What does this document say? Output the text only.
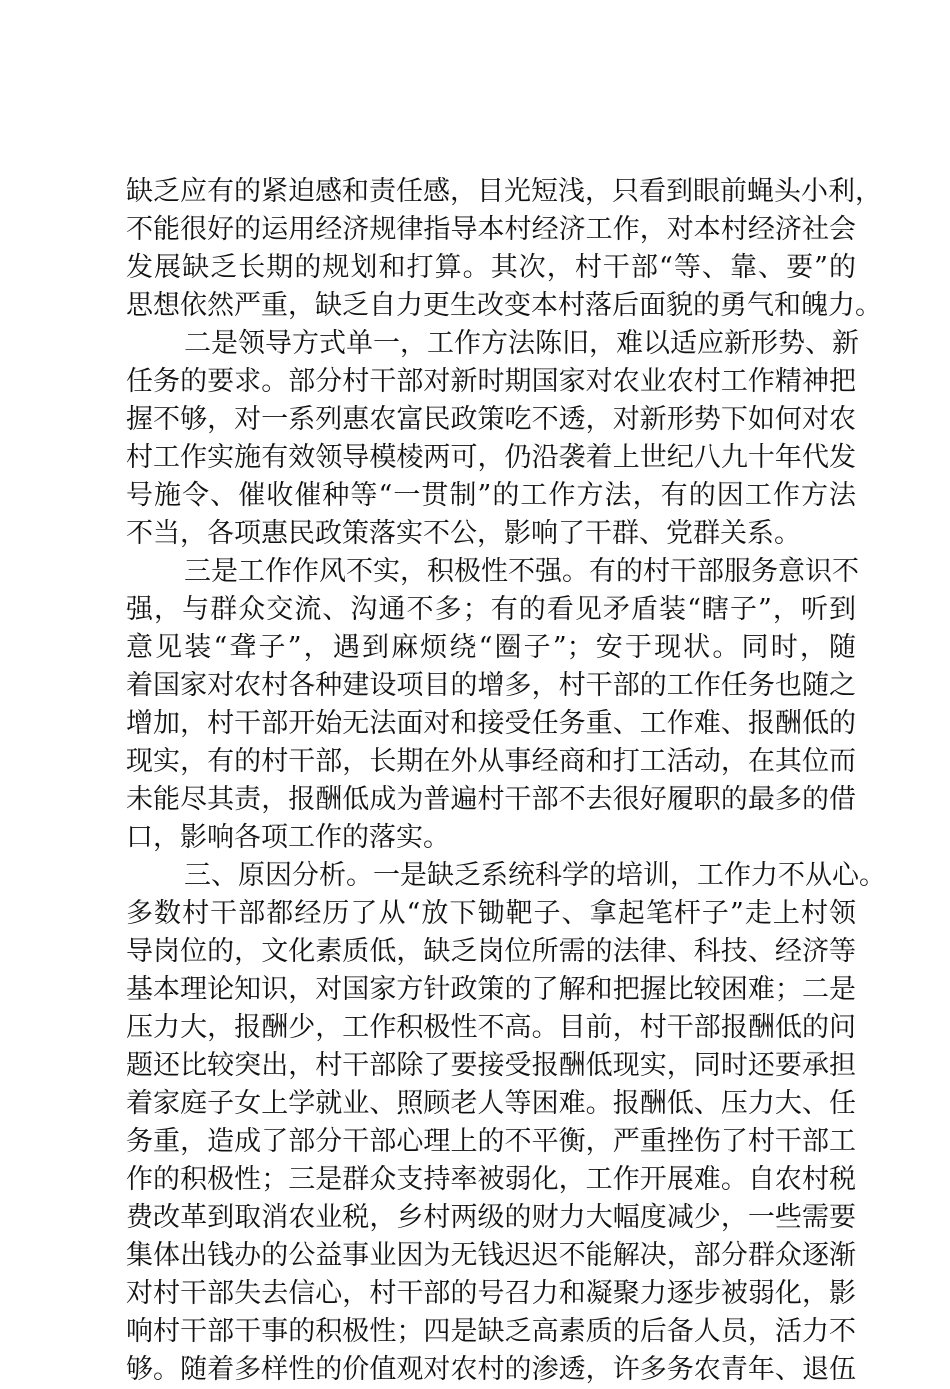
缺乏应有的紧迫感和责任感，目光短浅，只看到眼前蝇头小利，
不能很好的运用经济规律指导本村经济工作，对本村经济社会
发展缺乏长期的规划和打算。其次，村干部“等、靠、要”的
思想依然严重，缺乏自力更生改变本村落后面貌的勇气和魄力。
二是领导方式单一，工作方法陈旧，难以适应新形势、新
任务的要求。部分村干部对新时期国家对农业农村工作精神把
握不够，对一系列惠农富民政策吃不透，对新形势下如何对农
村工作实施有效领导模棱两可，仍沿袭着上世纪八九十年代发
号施令、催收催种等“一贯制”的工作方法，有的因工作方法
不当，各项惠民政策落实不公，影响了干群、党群关系。
三是工作作风不实，积极性不强。有的村干部服务意识不
强，与群众交流、沟通不多；有的看见矛盾装“瞎子”，听到
意见装“聋子”，遇到麻烦绕“圈子”；安于现状。同时，随
着国家对农村各种建设项目的增多，村干部的工作任务也随之
增加，村干部开始无法面对和接受任务重、工作难、报酬低的
现实，有的村干部，长期在外从事经商和打工活动，在其位而
未能尽其责，报酬低成为普遍村干部不去很好履职的最多的借
口，影响各项工作的落实。
三、原因分析。一是缺乏系统科学的培训，工作力不从心。
多数村干部都经历了从“放下锄靶子、拿起笔杆子”走上村领
导岗位的，文化素质低，缺乏岗位所需的法律、科技、经济等
基本理论知识，对国家方针政策的了解和把握比较困难；二是
压力大，报酬少，工作积极性不高。目前，村干部报酬低的问
题还比较突出，村干部除了要接受报酬低现实，同时还要承担
着家庭子女上学就业、照顾老人等困难。报酬低、压力大、任
务重，造成了部分干部心理上的不平衡，严重挫伤了村干部工
作的积极性；三是群众支持率被弱化，工作开展难。自农村税
费改革到取消农业税，乡村两级的财力大幅度减少，一些需要
集体出钱办的公益事业因为无钱迟迟不能解决，部分群众逐渐
对村干部失去信心，村干部的号召力和凝聚力逐步被弱化，影
响村干部干事的积极性；四是缺乏高素质的后备人员，活力不
够。随着多样性的价值观对农村的渗透，许多务农青年、退伍
